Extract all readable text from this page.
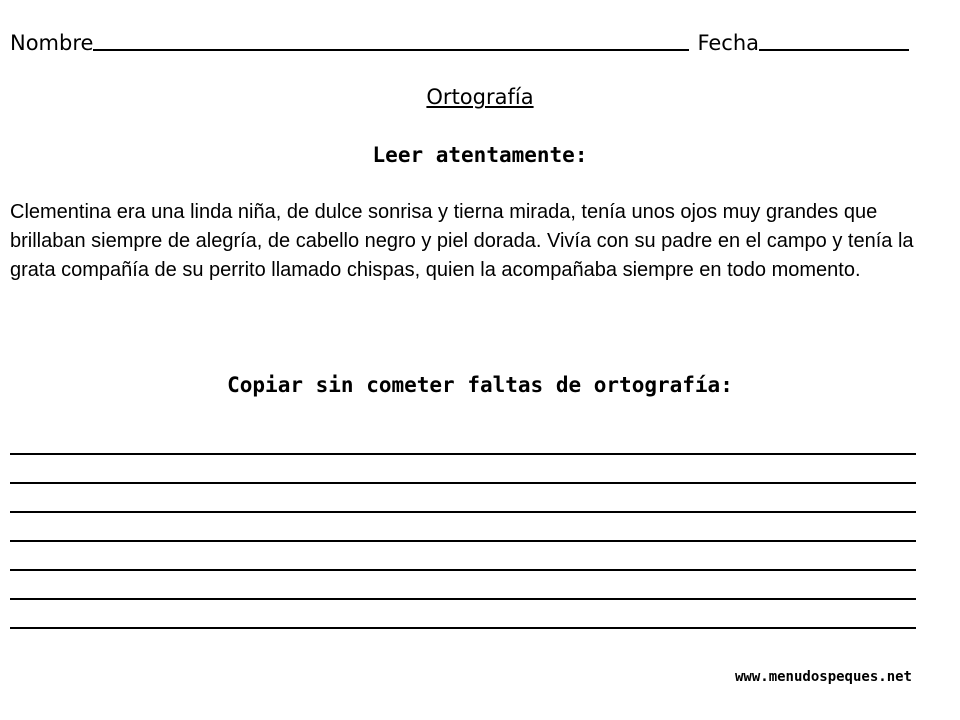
Nombre	Fecha
Ortografía
Leer atentamente:
Clementina era una linda niña, de dulce sonrisa y tierna mirada, tenía unos ojos muy grandes que brillaban siempre de alegría, de cabello negro y piel dorada. Vivía con su padre en el campo y tenía la grata compañía de su perrito llamado chispas, quien la acompañaba siempre en todo momento.
Copiar sin cometer faltas de ortografía:
www.menudospeques.net
